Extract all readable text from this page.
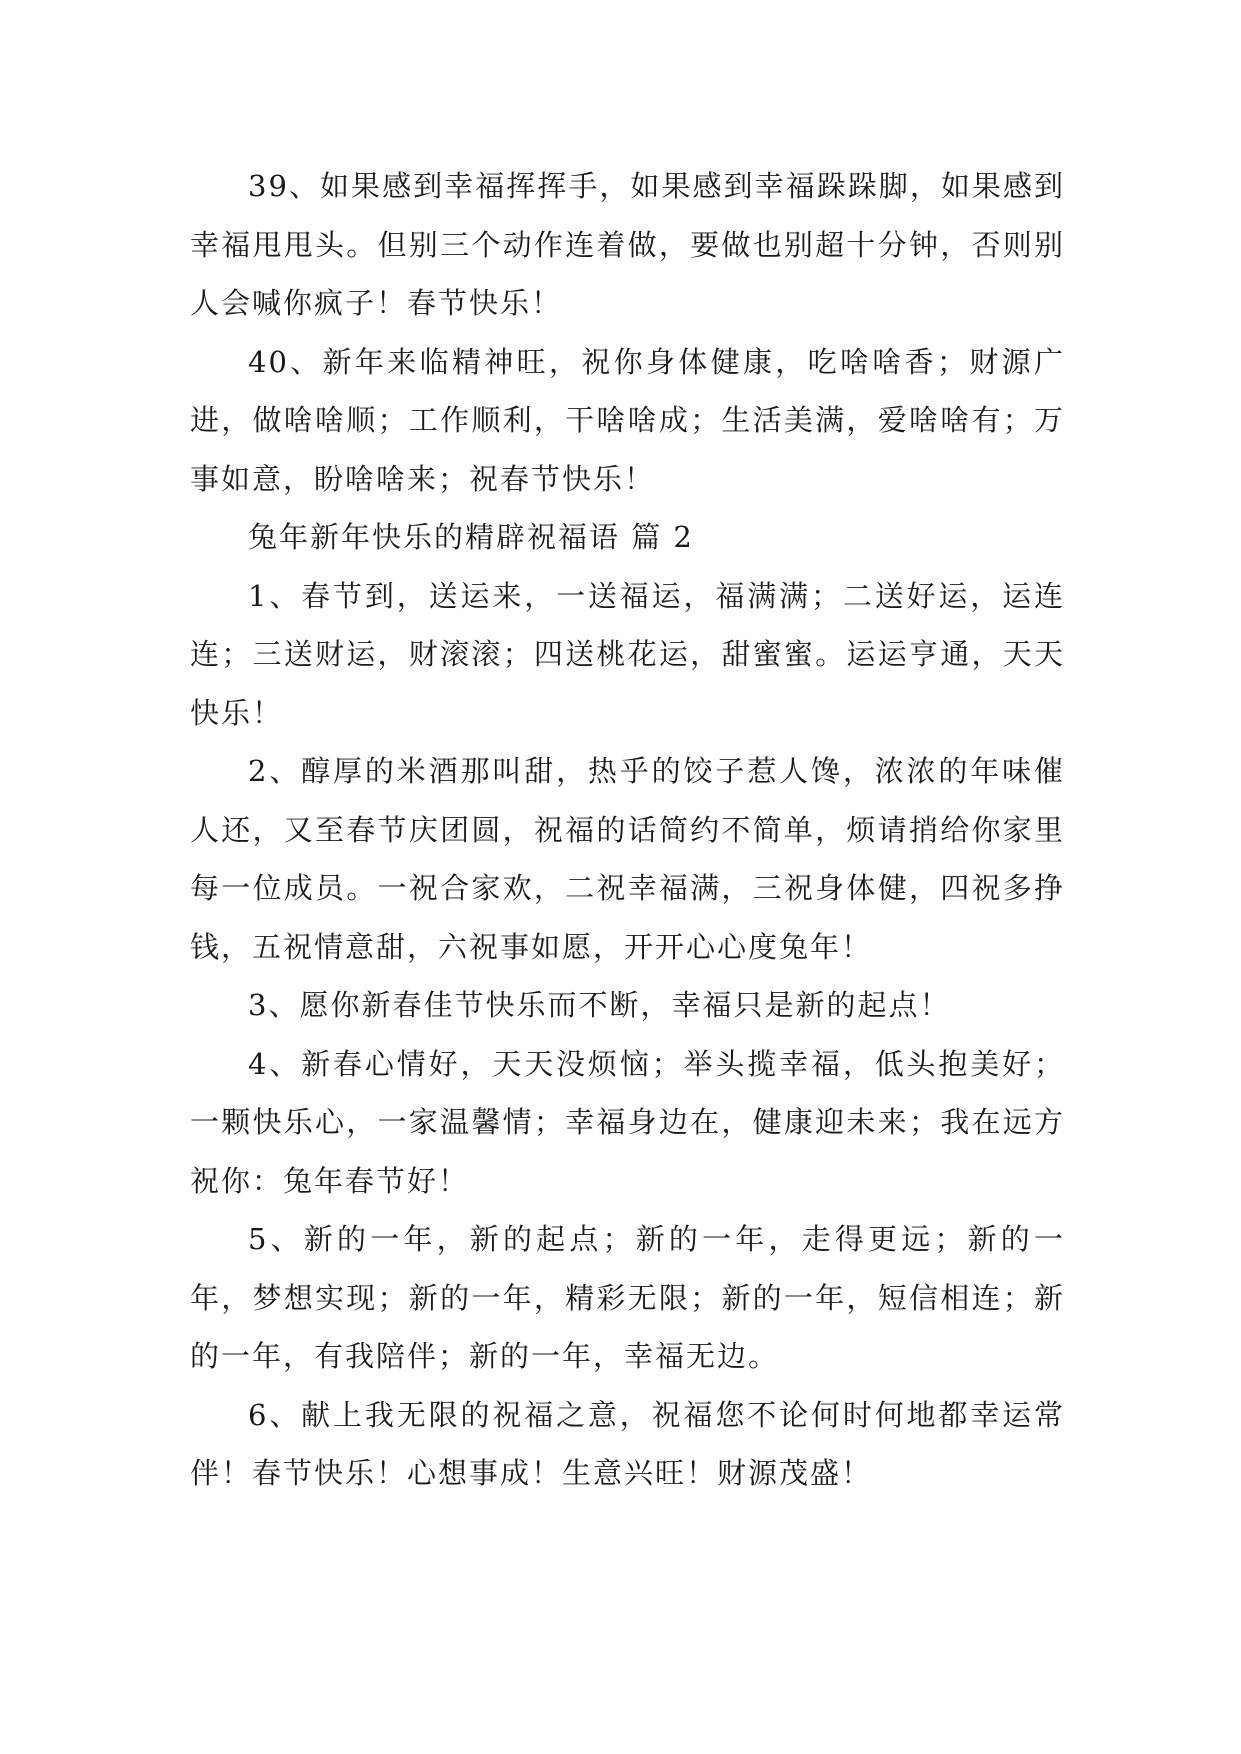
39、如果感到幸福挥挥手，如果感到幸福跺跺脚，如果感到幸福甩甩头。但别三个动作连着做，要做也别超十分钟，否则别人会喊你疯子！春节快乐！

40、新年来临精神旺，祝你身体健康，吃啥啥香；财源广进，做啥啥顺；工作顺利，干啥啥成；生活美满，爱啥啥有；万事如意，盼啥啥来；祝春节快乐！

兔年新年快乐的精辟祝福语 篇 2

1、春节到，送运来，一送福运，福满满；二送好运，运连连；三送财运，财滚滚；四送桃花运，甜蜜蜜。运运亨通，天天快乐！

2、醇厚的米酒那叫甜，热乎的饺子惹人馋，浓浓的年味催人还，又至春节庆团圆，祝福的话简约不简单，烦请捎给你家里每一位成员。一祝合家欢，二祝幸福满，三祝身体健，四祝多挣钱，五祝情意甜，六祝事如愿，开开心心度兔年！

3、愿你新春佳节快乐而不断，幸福只是新的起点！

4、新春心情好，天天没烦恼；举头揽幸福，低头抱美好；一颗快乐心，一家温馨情；幸福身边在，健康迎未来；我在远方祝你：兔年春节好！

5、新的一年，新的起点；新的一年，走得更远；新的一年，梦想实现；新的一年，精彩无限；新的一年，短信相连；新的一年，有我陪伴；新的一年，幸福无边。

6、献上我无限的祝福之意，祝福您不论何时何地都幸运常伴！春节快乐！心想事成！生意兴旺！财源茂盛！
